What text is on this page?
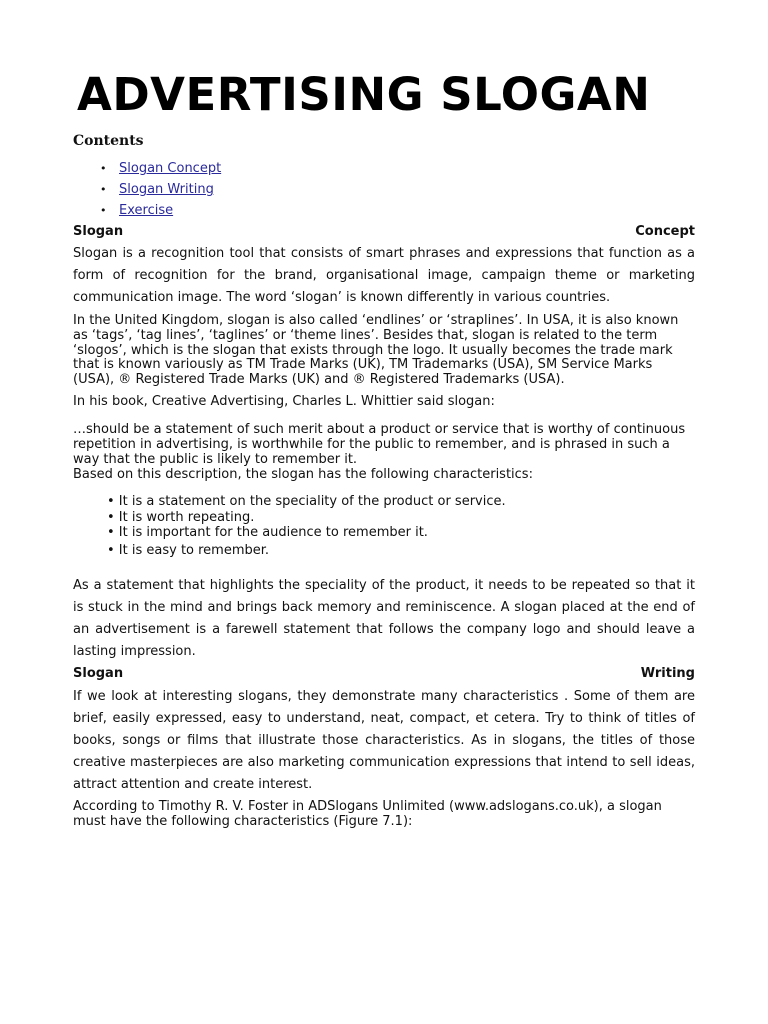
ADVERTISING SLOGAN
Contents
• Slogan Concept
• Slogan Writing
• Exercise
Slogan	Concept

Slogan is a recognition tool that consists of smart phrases and expressions that function as a form of recognition for the brand, organisational image, campaign theme or marketing communication image. The word ‘slogan’ is known differently in various countries.

In the United Kingdom, slogan is also called ‘endlines’ or ‘straplines’. In USA, it is also known as ‘tags’, ‘tag lines’, ‘taglines’ or ‘theme lines’. Besides that, slogan is related to the term ‘slogos’, which is the slogan that exists through the logo. It usually becomes the trade mark that is known variously as TM Trade Marks (UK), TM Trademarks (USA), SM Service Marks (USA), ® Registered Trade Marks (UK) and ® Registered Trademarks (USA).

In his book, Creative Advertising, Charles L. Whittier said slogan:

…should be a statement of such merit about a product or service that is worthy of continuous repetition in advertising, is worthwhile for the public to remember, and is phrased in such a way that the public is likely to remember it.

Based on this description, the slogan has the following characteristics:

• It is a statement on the speciality of the product or service.
• It is worth repeating.
• It is important for the audience to remember it.
• It is easy to remember.

As a statement that highlights the speciality of the product, it needs to be repeated so that it is stuck in the mind and brings back memory and reminiscence. A slogan placed at the end of an advertisement is a farewell statement that follows the company logo and should leave a lasting impression.

Slogan	Writing

If we look at interesting slogans, they demonstrate many characteristics . Some of them are brief, easily expressed, easy to understand, neat, compact, et cetera. Try to think of titles of books, songs or films that illustrate those characteristics. As in slogans, the titles of those creative masterpieces are also marketing communication expressions that intend to sell ideas, attract attention and create interest.

According to Timothy R. V. Foster in ADSlogans Unlimited (www.adslogans.co.uk), a slogan must have the following characteristics (Figure 7.1):
